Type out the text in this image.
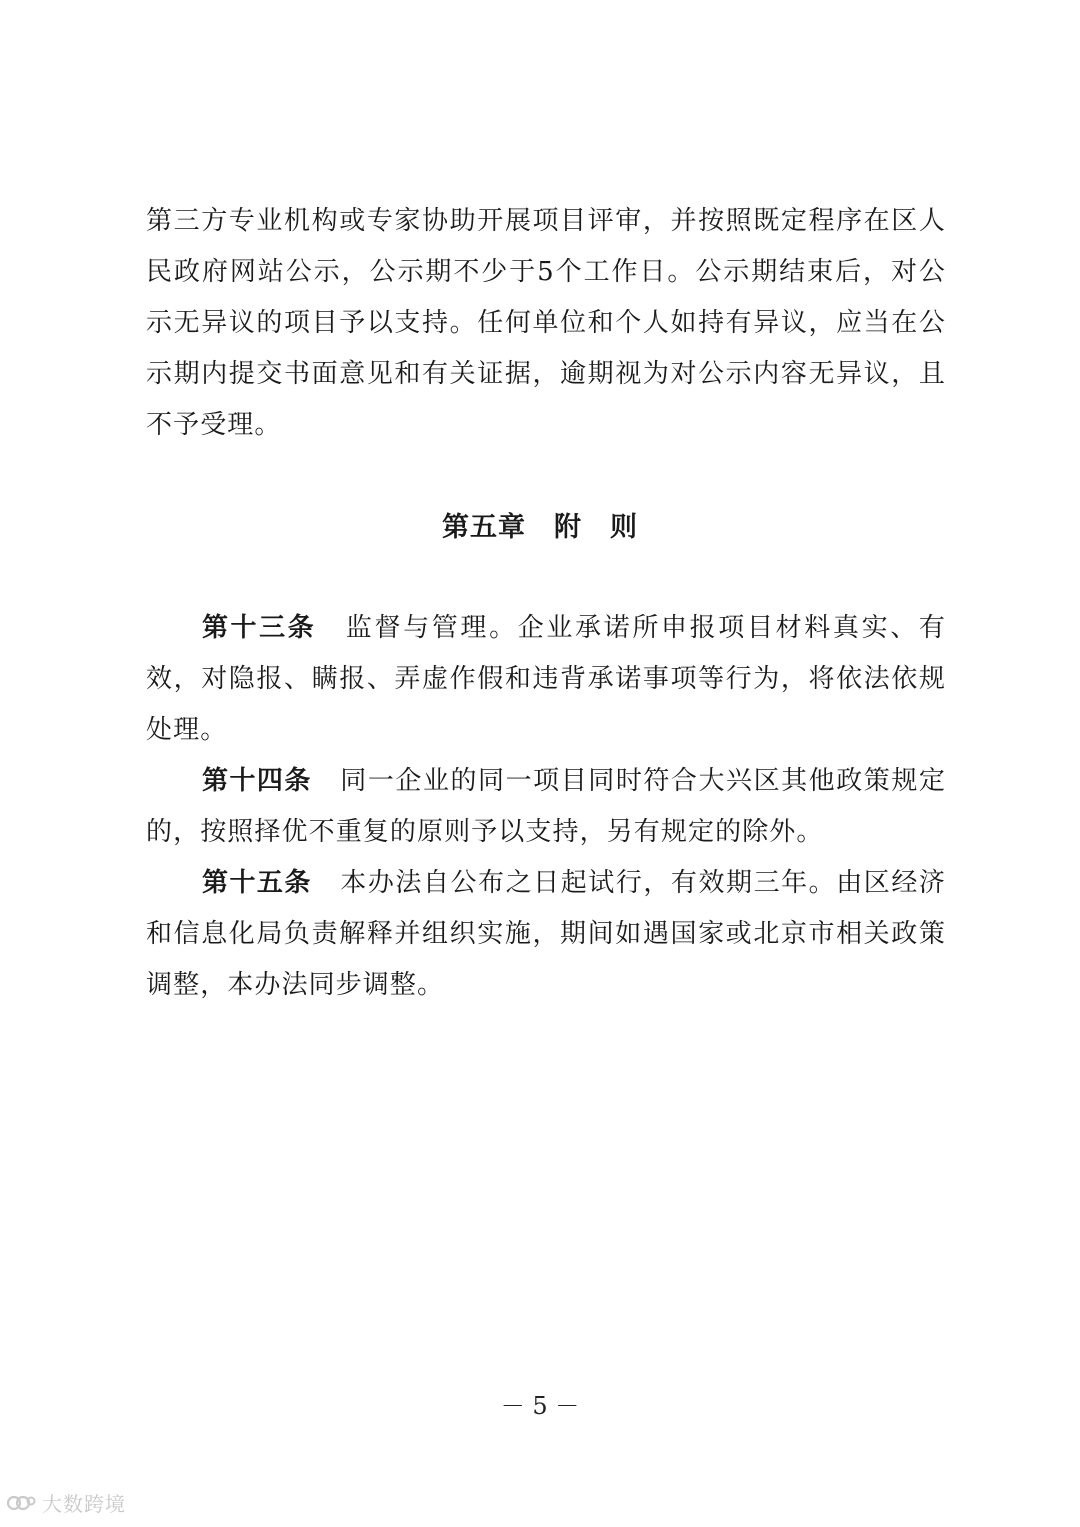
第三方专业机构或专家协助开展项目评审，并按照既定程序在区人民政府网站公示，公示期不少于5个工作日。公示期结束后，对公示无异议的项目予以支持。任何单位和个人如持有异议，应当在公示期内提交书面意见和有关证据，逾期视为对公示内容无异议，且不予受理。

第五章 附　则

第十三条 监督与管理。企业承诺所申报项目材料真实、有效，对隐报、瞒报、弄虚作假和违背承诺事项等行为，将依法依规处理。

第十四条 同一企业的同一项目同时符合大兴区其他政策规定的，按照择优不重复的原则予以支持，另有规定的除外。

第十五条 本办法自公布之日起试行，有效期三年。由区经济和信息化局负责解释并组织实施，期间如遇国家或北京市相关政策调整，本办法同步调整。

－ 5 －
大数跨境
